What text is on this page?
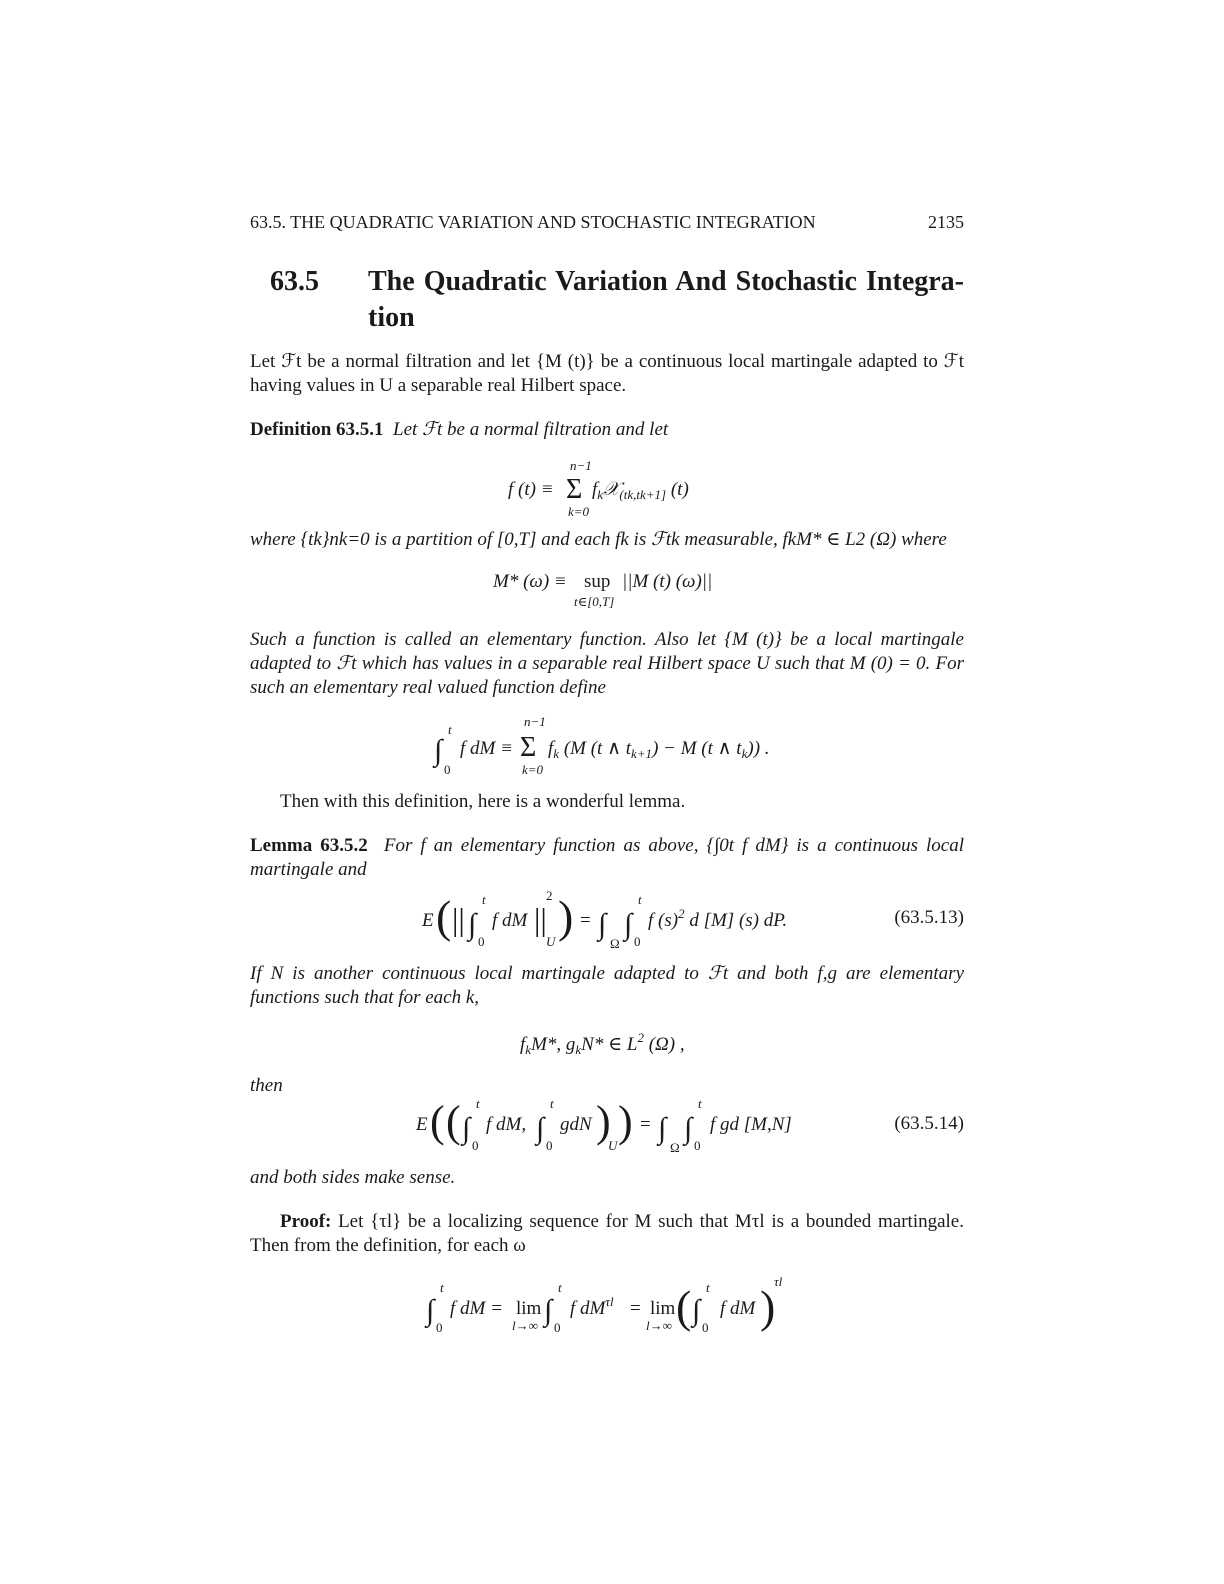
63.5. THE QUADRATIC VARIATION AND STOCHASTIC INTEGRATION	2135
63.5	The Quadratic Variation And Stochastic Integra-tion

Let ℱt be a normal filtration and let {M (t)} be a continuous local martingale adapted to ℱt having values in U a separable real Hilbert space.

Definition 63.5.1 Let ℱt be a normal filtration and let

f (t) ≡
n−1
Σ
k=0
$f_k𝒳_{(tk,tk+1]}$ (t)

where {tk}nk=0 is a partition of [0,T] and each fk is ℱtk measurable, fkM* ∈ L2 (Ω) where

M* (ω) ≡ sup
t∈[0,T]
||M (t) (ω)||

Such a function is called an elementary function. Also let {M (t)} be a local martingale adapted to ℱt which has values in a separable real Hilbert space U such that M (0) = 0. For such an elementary real valued function define

∫
t
0
f dM ≡
n−1
Σ
k=0
$f_k$ (M (t ∧ $t_{k+1}) - M$ (t ∧ $t_k$)) .

Then with this definition, here is a wonderful lemma.

Lemma 63.5.2 For f an elementary function as above, {∫0t f dM} is a continuous local martingale and

E ( || ∫
t
0
f dM ||
2
U ) = ∫
Ω
∫
t
0
f $(s)^2$ d [M] (s) dP.	(63.5.13)

If N is another continuous local martingale adapted to ℱt and both f,g are elementary functions such that for each k,

$f_kM*$, $g_kN*$ ∈ $L^2$ (Ω) ,

then

E ( ( ∫
t
0
f dM, ∫
t
0
gdN )
U ) = ∫
Ω
∫
t
0
f gd [M,N]	(63.5.14)

and both sides make sense.

Proof: Let {τl} be a localizing sequence for M such that Mτl is a bounded martingale. Then from the definition, for each ω

∫
t
0
f dM = lim
l→∞ ∫
t
0
f $dM^{\tau l} = \lim$
l→∞ ( ∫
t
0
f dM )
τl
